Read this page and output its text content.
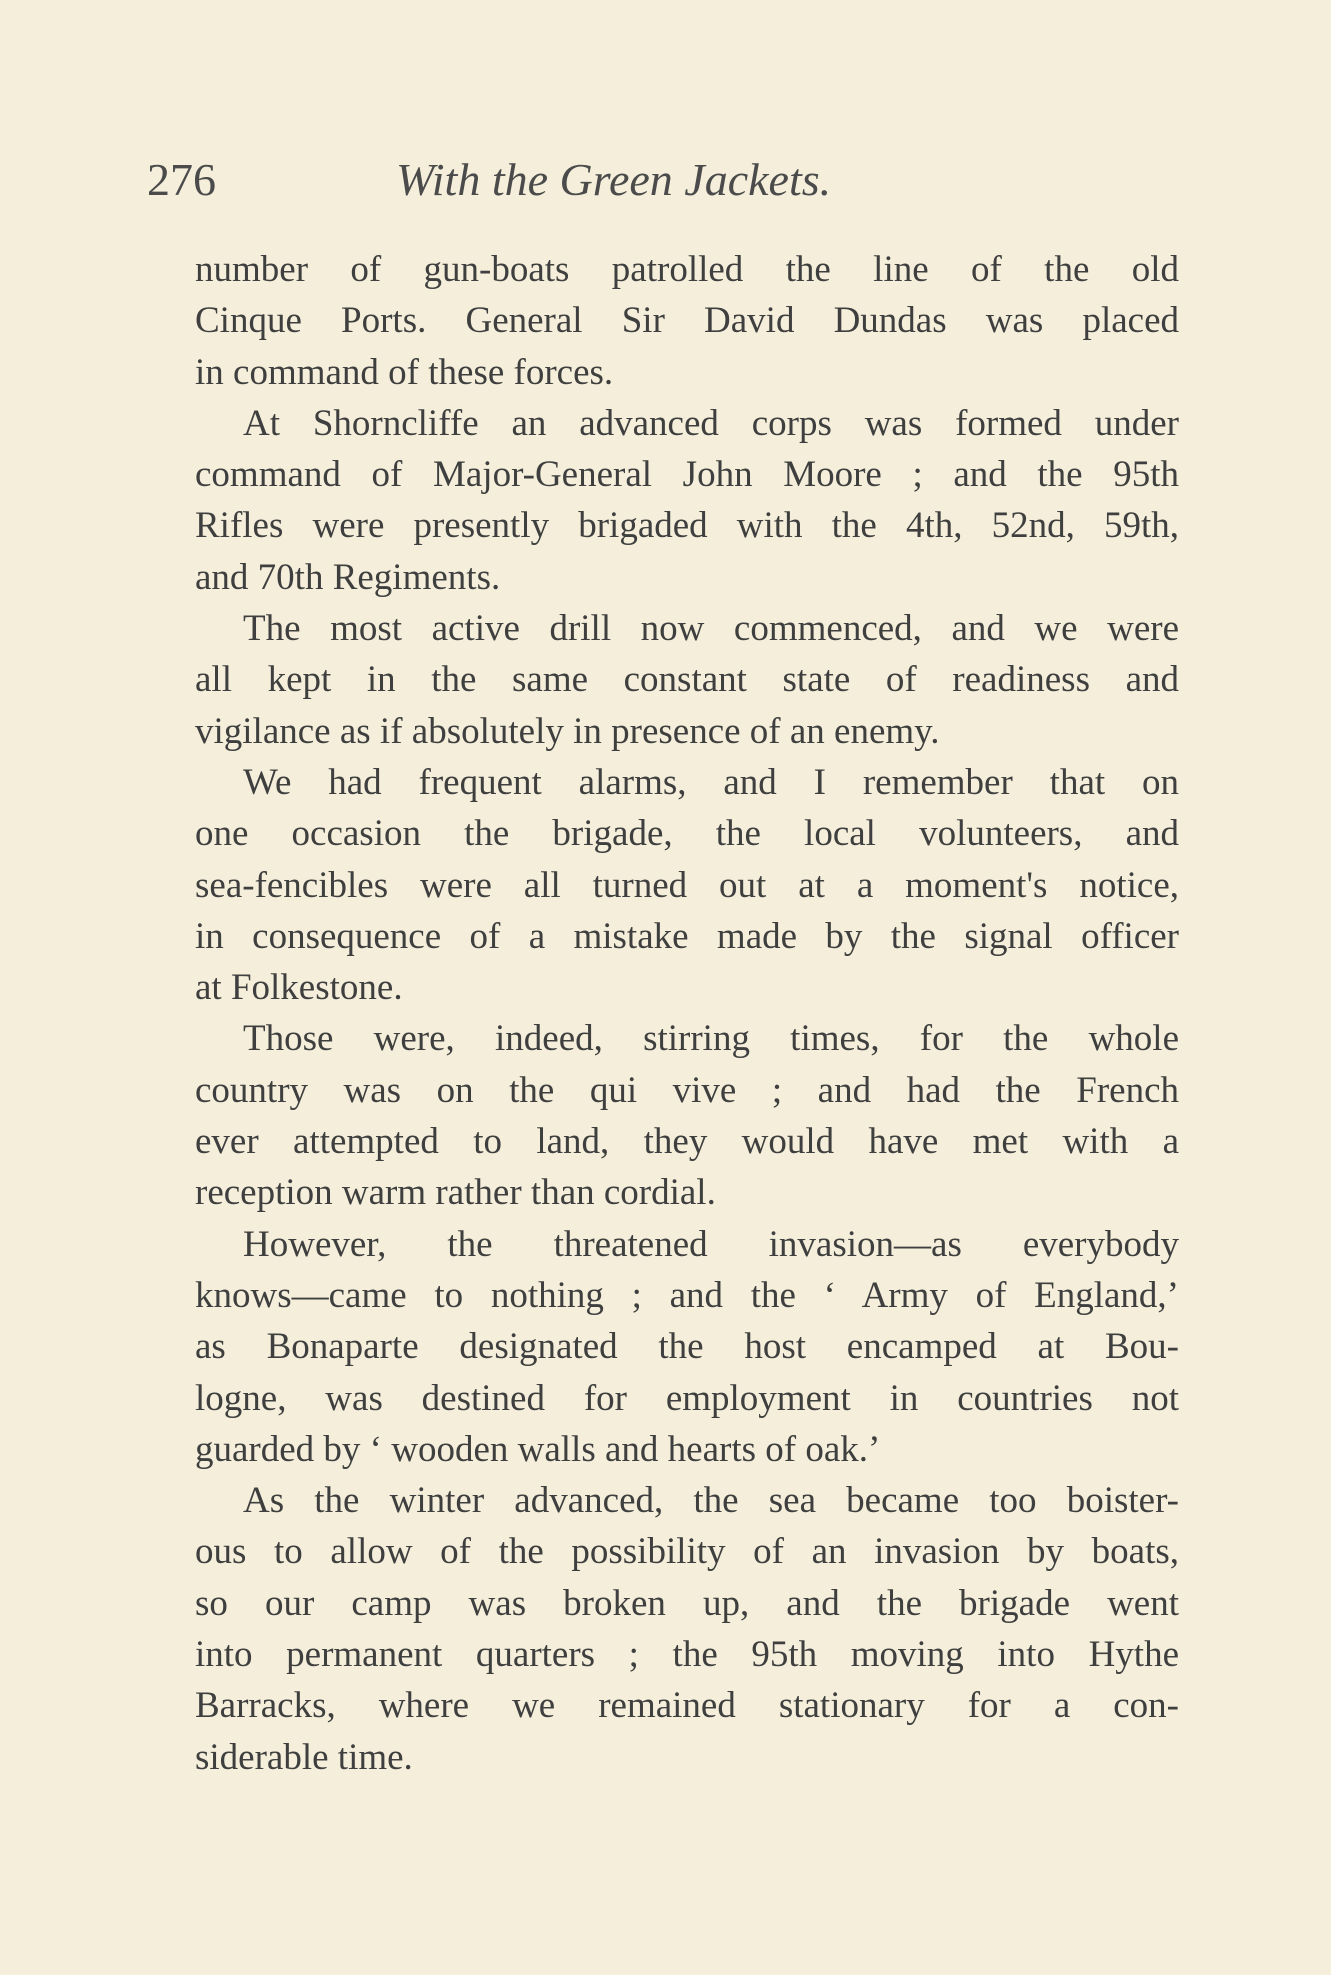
276	With the Green Jackets.

number of gun-boats patrolled the line of the old
Cinque Ports. General Sir David Dundas was placed
in command of these forces.

At Shorncliffe an advanced corps was formed under
command of Major-General John Moore ; and the 95th
Rifles were presently brigaded with the 4th, 52nd, 59th,
and 70th Regiments.

The most active drill now commenced, and we were
all kept in the same constant state of readiness and
vigilance as if absolutely in presence of an enemy.

We had frequent alarms, and I remember that on
one occasion the brigade, the local volunteers, and
sea-fencibles were all turned out at a moment's notice,
in consequence of a mistake made by the signal officer
at Folkestone.

Those were, indeed, stirring times, for the whole
country was on the qui vive ; and had the French
ever attempted to land, they would have met with a
reception warm rather than cordial.

However, the threatened invasion—as everybody
knows—came to nothing ; and the ‘ Army of England,’
as Bonaparte designated the host encamped at Bou-
logne, was destined for employment in countries not
guarded by ‘ wooden walls and hearts of oak.’

As the winter advanced, the sea became too boister-
ous to allow of the possibility of an invasion by boats,
so our camp was broken up, and the brigade went
into permanent quarters ; the 95th moving into Hythe
Barracks, where we remained stationary for a con-
siderable time.
